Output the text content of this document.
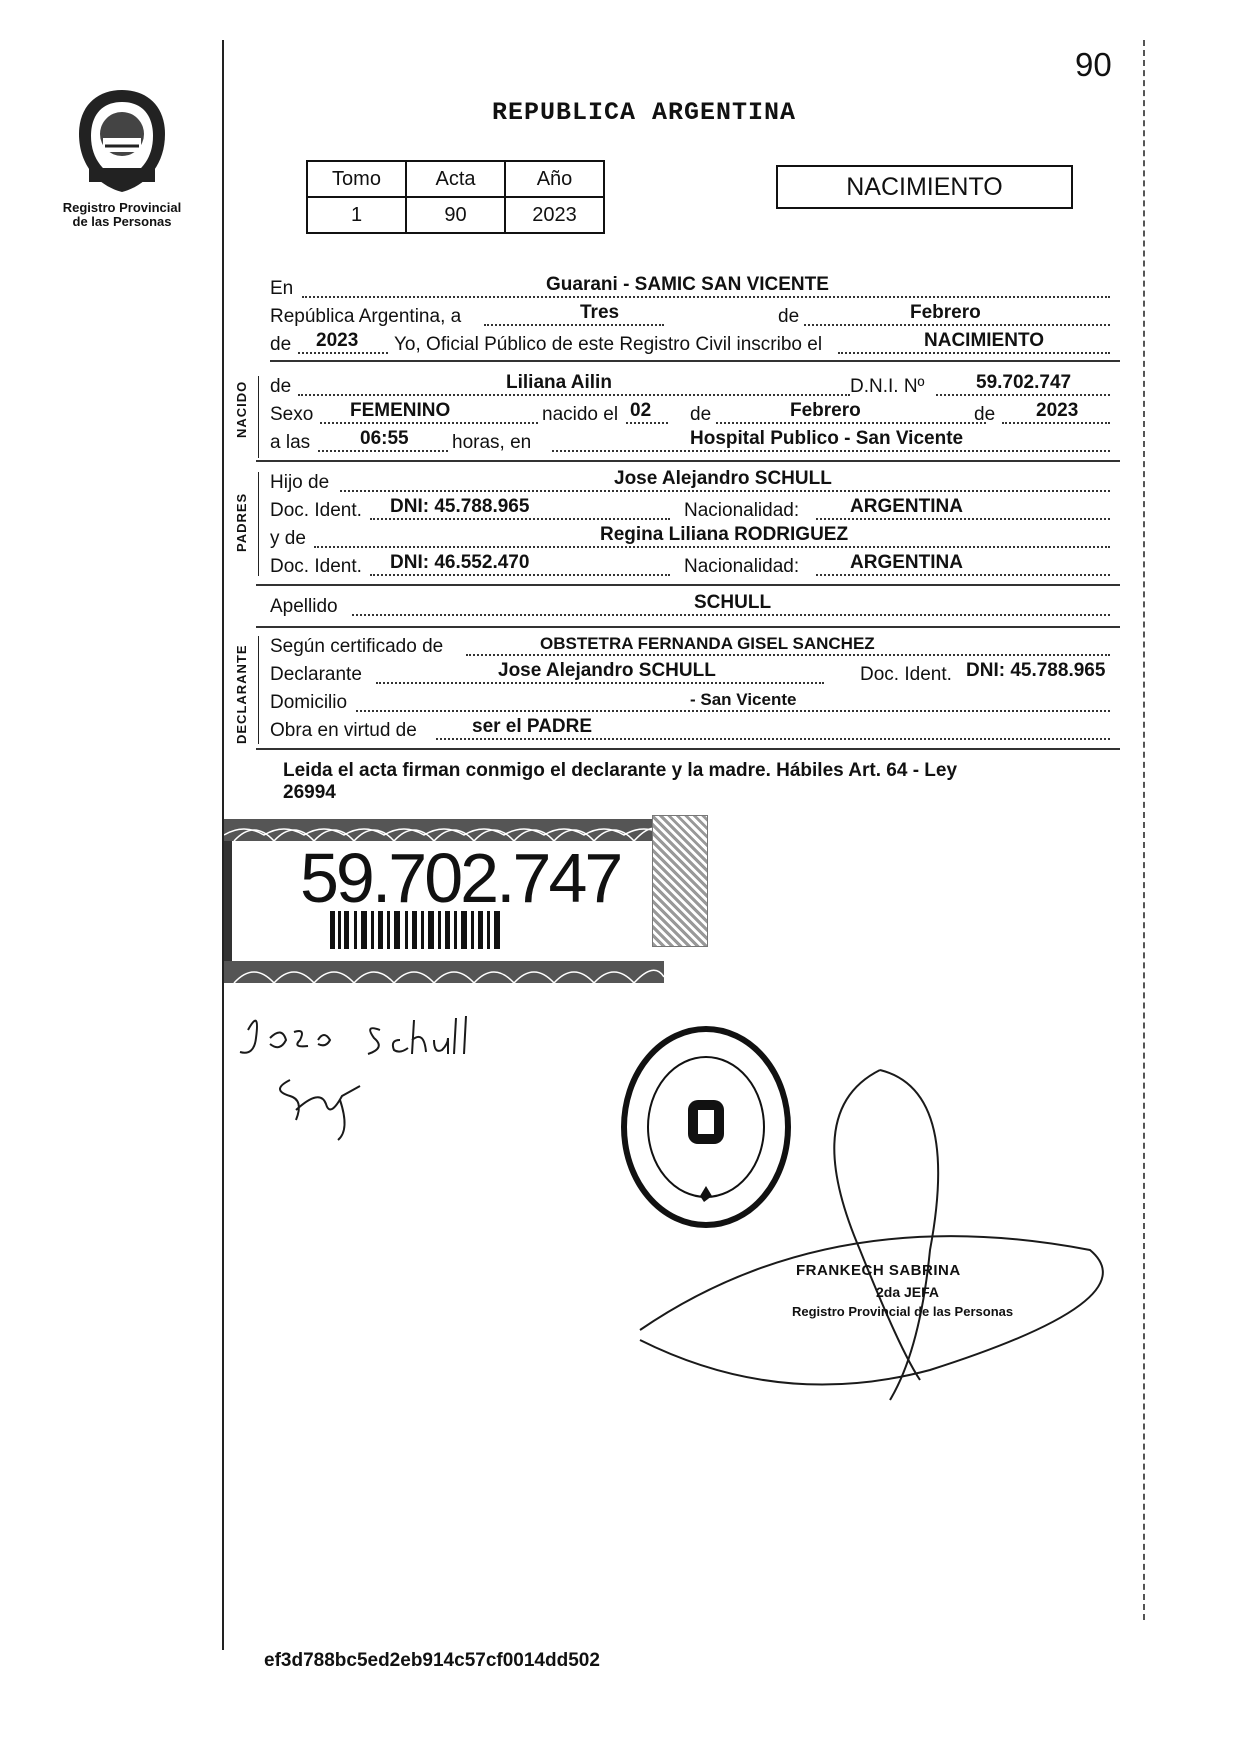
Registro Provincial
de las Personas
90
REPUBLICA ARGENTINA
Tomo	Acta	Año
1	90	2023
NACIMIENTO
En	Guarani - SAMIC SAN VICENTE
República Argentina, a	Tres	de	Febrero
de 2023 Yo, Oficial Público de este Registro Civil inscribo el	NACIMIENTO
NACIDO de	Liliana Ailin	D.N.I. Nº	59.702.747
Sexo FEMENINO	nacido el 02 de	Febrero	de 2023
a las	06:55 horas, en	Hospital Publico - San Vicente
PADRES
Hijo de	Jose Alejandro SCHULL
Doc. Ident. DNI: 45.788.965	Nacionalidad:	ARGENTINA
y de	Regina Liliana RODRIGUEZ
Doc. Ident. DNI: 46.552.470	Nacionalidad:	ARGENTINA
Apellido	SCHULL
DECLARANTE Según certificado de	OBSTETRA FERNANDA GISEL SANCHEZ
Declarante	Jose Alejandro SCHULL	Doc. Ident. DNI: 45.788.965
Domicilio	- San Vicente
Obra en virtud de	ser el PADRE
Leida el acta firman conmigo el declarante y la madre. Hábiles Art. 64 - Ley
26994
59.702.747
FRANKECH SABRINA
2da JEFA
Registro Provincial de las Personas
ef3d788bc5ed2eb914c57cf0014dd502
